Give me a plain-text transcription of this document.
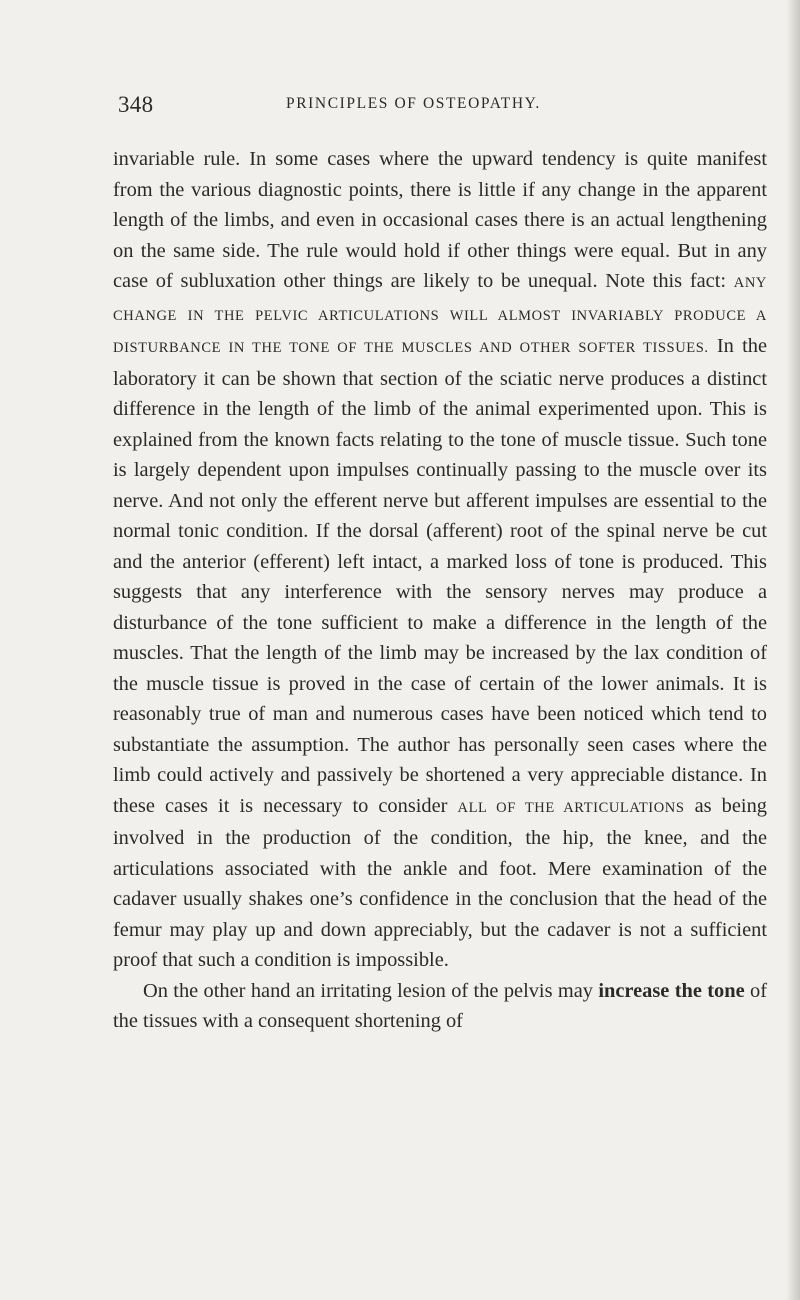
348	PRINCIPLES OF OSTEOPATHY.

invariable rule. In some cases where the upward tendency is quite manifest from the various diagnostic points, there is little if any change in the apparent length of the limbs, and even in occasional cases there is an actual lengthening on the same side. The rule would hold if other things were equal. But in any case of subluxation other things are likely to be unequal. Note this fact: ANY CHANGE IN THE PELVIC ARTICULATIONS WILL ALMOST INVARIABLY PRODUCE A DISTURBANCE IN THE TONE OF THE MUSCLES AND OTHER SOFTER TISSUES. In the laboratory it can be shown that section of the sciatic nerve produces a distinct difference in the length of the limb of the animal experimented upon. This is explained from the known facts relating to the tone of muscle tissue. Such tone is largely dependent upon impulses continually passing to the muscle over its nerve. And not only the efferent nerve but afferent impulses are essential to the normal tonic condition. If the dorsal (afferent) root of the spinal nerve be cut and the anterior (efferent) left intact, a marked loss of tone is produced. This suggests that any interference with the sensory nerves may produce a disturbance of the tone sufficient to make a difference in the length of the muscles. That the length of the limb may be increased by the lax condition of the muscle tissue is proved in the case of certain of the lower animals. It is reasonably true of man and numerous cases have been noticed which tend to substantiate the assumption. The author has personally seen cases where the limb could actively and passively be shortened a very appreciable distance. In these cases it is necessary to consider ALL OF THE ARTICULATIONS as being involved in the production of the condition, the hip, the knee, and the articulations associated with the ankle and foot. Mere examination of the cadaver usually shakes one’s confidence in the conclusion that the head of the femur may play up and down appreciably, but the cadaver is not a sufficient proof that such a condition is impossible.

On the other hand an irritating lesion of the pelvis may increase the tone of the tissues with a consequent shortening of
